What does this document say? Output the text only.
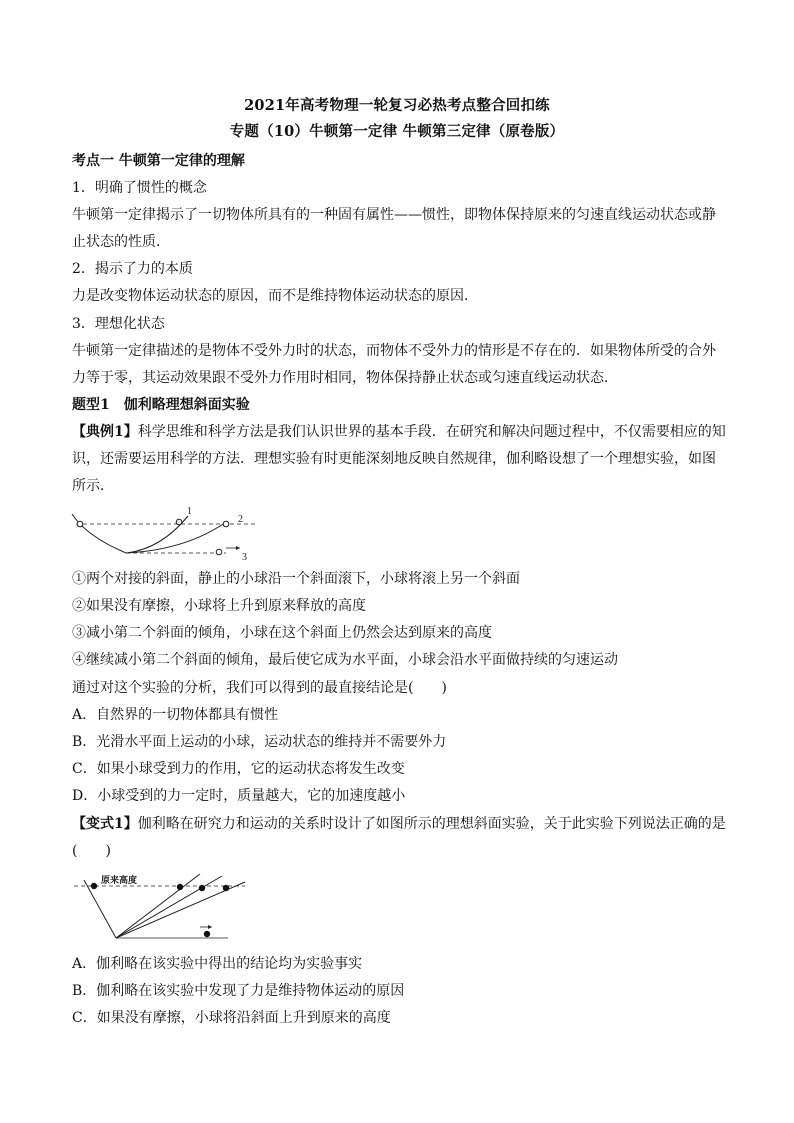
2021年高考物理一轮复习必热考点整合回扣练
专题（10）牛顿第一定律 牛顿第三定律（原卷版）
考点一 牛顿第一定律的理解
1．明确了惯性的概念
牛顿第一定律揭示了一切物体所具有的一种固有属性——惯性，即物体保持原来的匀速直线运动状态或静
止状态的性质．
2．揭示了力的本质
力是改变物体运动状态的原因，而不是维持物体运动状态的原因．
3．理想化状态
牛顿第一定律描述的是物体不受外力时的状态，而物体不受外力的情形是不存在的．如果物体所受的合外
力等于零，其运动效果跟不受外力作用时相同，物体保持静止状态或匀速直线运动状态．
题型1　伽利略理想斜面实验
【典例1】科学思维和科学方法是我们认识世界的基本手段．在研究和解决问题过程中，不仅需要相应的知
识，还需要运用科学的方法．理想实验有时更能深刻地反映自然规律，伽利略设想了一个理想实验，如图
所示．
1
2
3
①两个对接的斜面，静止的小球沿一个斜面滚下，小球将滚上另一个斜面
②如果没有摩擦，小球将上升到原来释放的高度
③减小第二个斜面的倾角，小球在这个斜面上仍然会达到原来的高度
④继续减小第二个斜面的倾角，最后使它成为水平面，小球会沿水平面做持续的匀速运动
通过对这个实验的分析，我们可以得到的最直接结论是(　　)
A．自然界的一切物体都具有惯性
B．光滑水平面上运动的小球，运动状态的维持并不需要外力
C．如果小球受到力的作用，它的运动状态将发生改变
D．小球受到的力一定时，质量越大，它的加速度越小
【变式1】伽利略在研究力和运动的关系时设计了如图所示的理想斜面实验，关于此实验下列说法正确的是
(　　)
原来高度
A．伽利略在该实验中得出的结论均为实验事实
B．伽利略在该实验中发现了力是维持物体运动的原因
C．如果没有摩擦，小球将沿斜面上升到原来的高度
